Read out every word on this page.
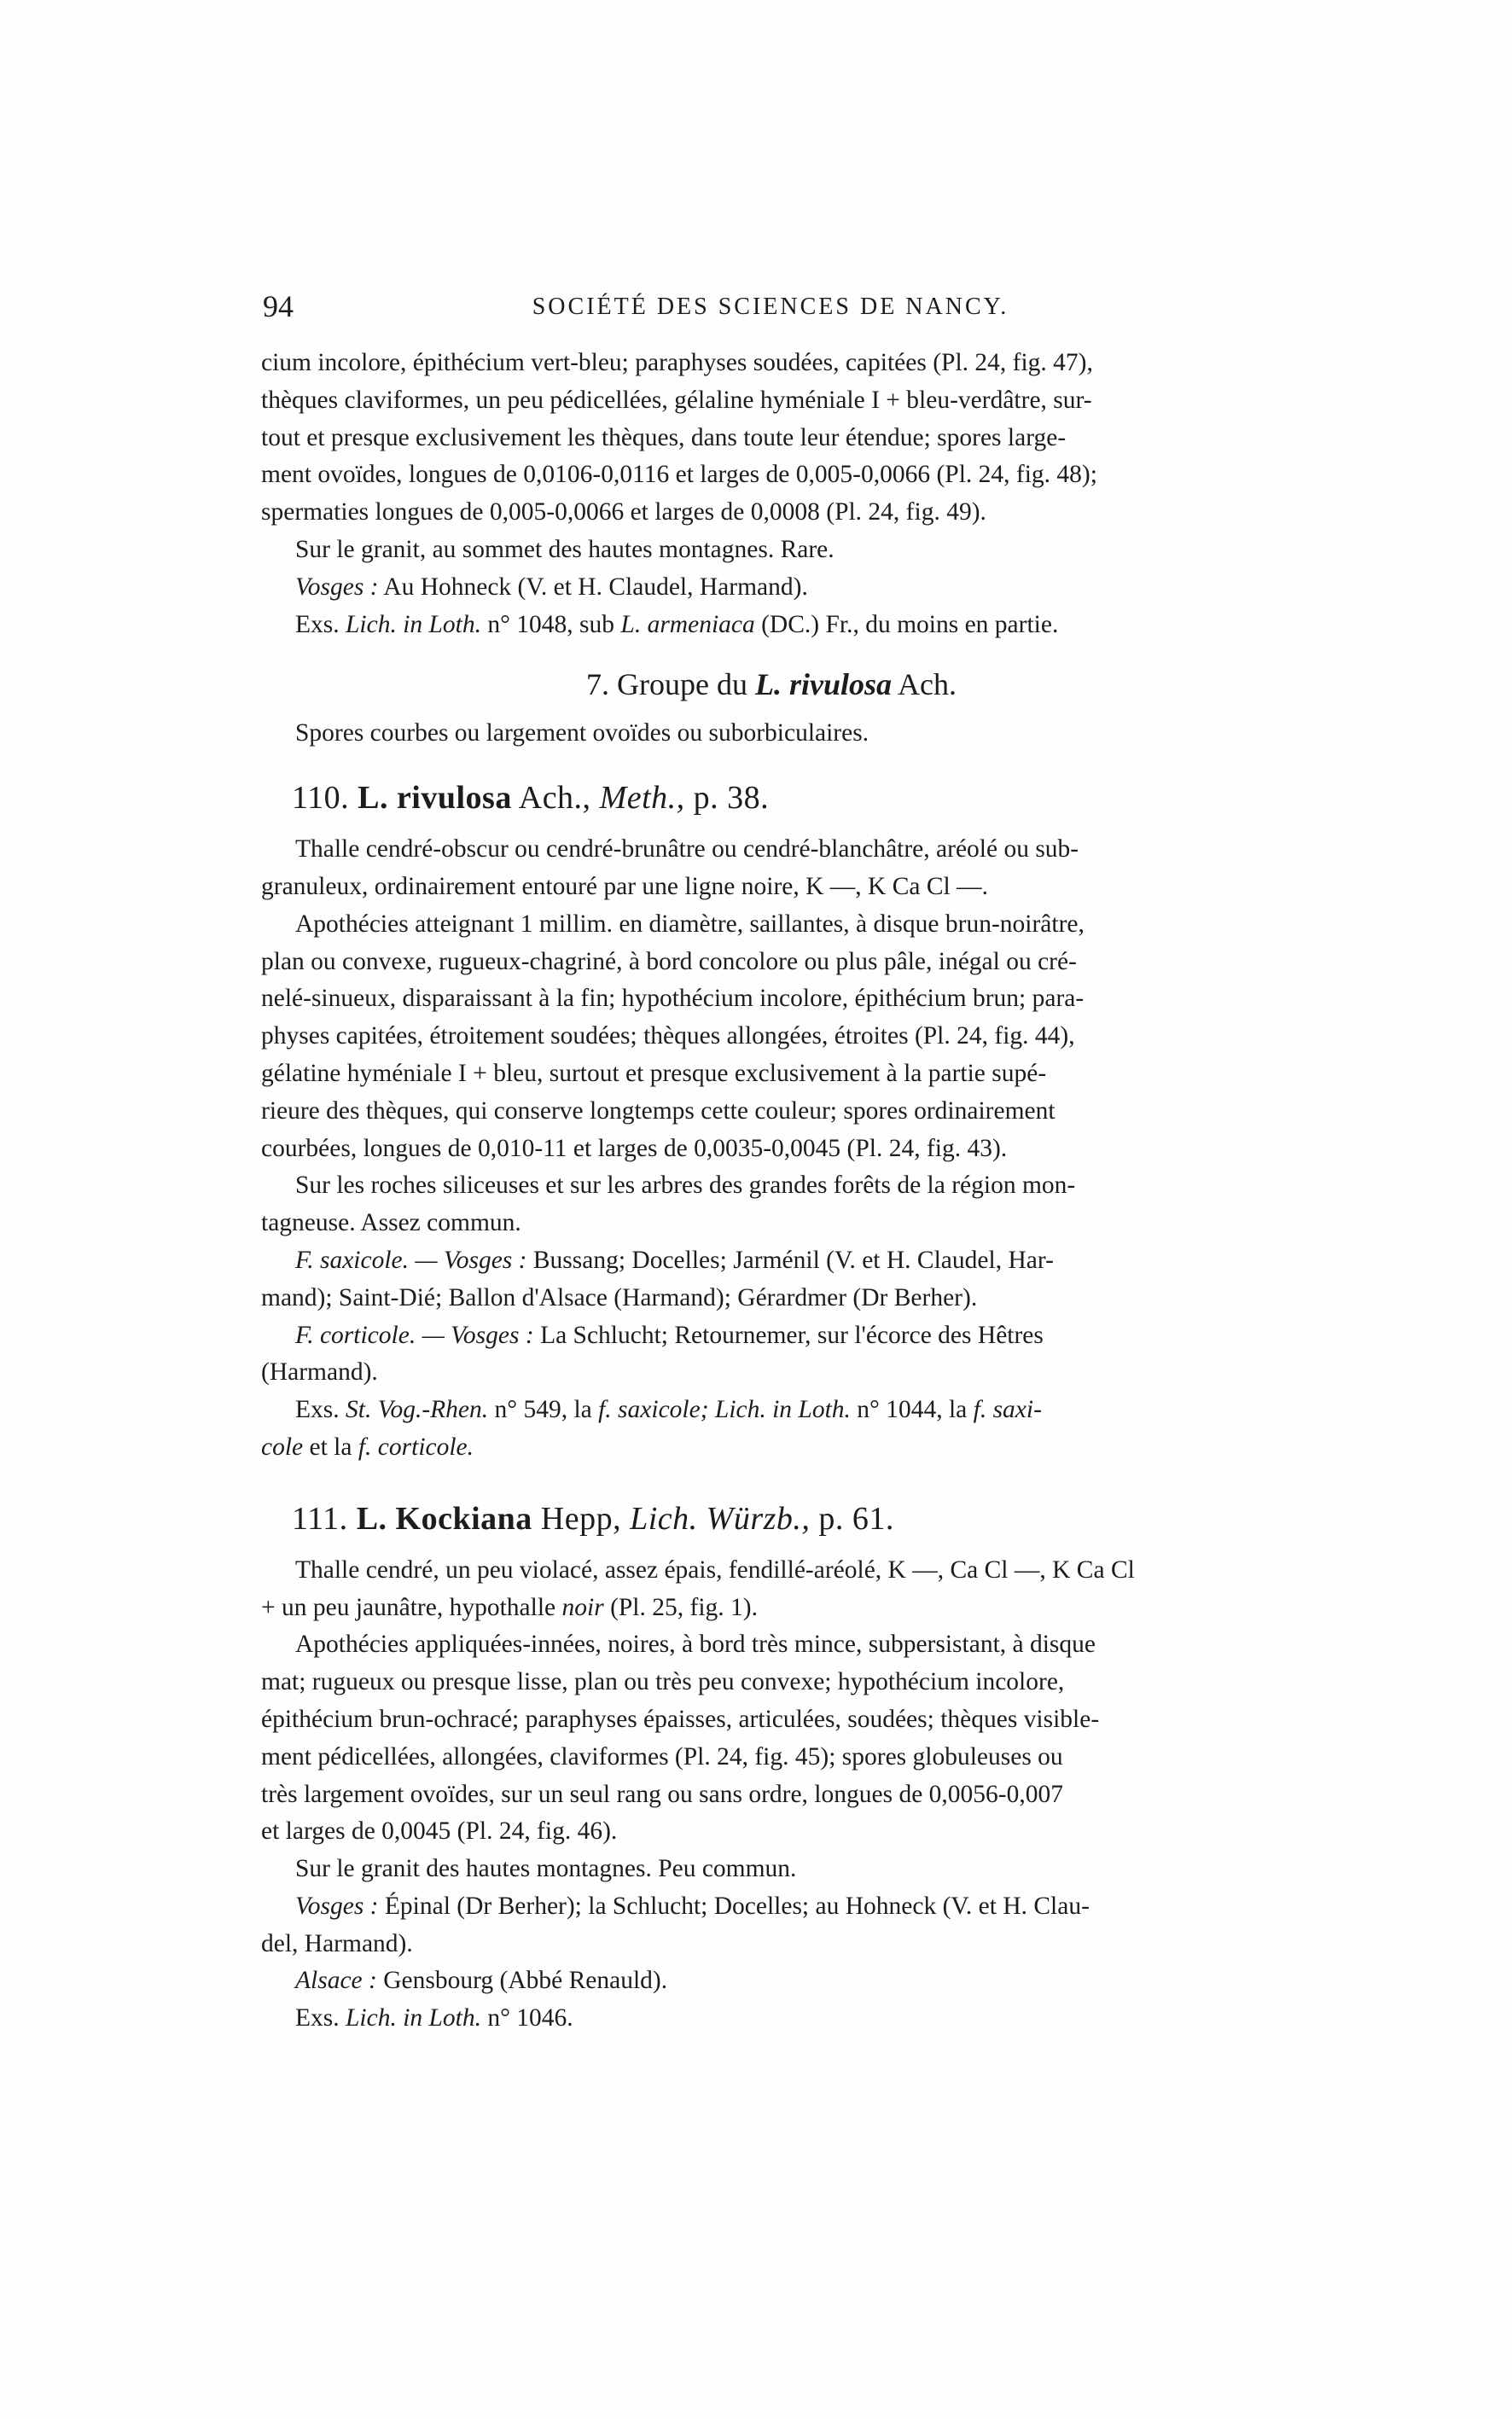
94	SOCIÉTÉ DES SCIENCES DE NANCY.

cium incolore, épithécium vert-bleu; paraphyses soudées, capitées (Pl. 24, fig. 47),

thèques claviformes, un peu pédicellées, gélaline hyméniale I + bleu-verdâtre, sur-

tout et presque exclusivement les thèques, dans toute leur étendue; spores large-

ment ovoïdes, longues de 0,0106-0,0116 et larges de 0,005-0,0066 (Pl. 24, fig. 48);

spermaties longues de 0,005-0,0066 et larges de 0,0008 (Pl. 24, fig. 49).

Sur le granit, au sommet des hautes montagnes. Rare.

Vosges : Au Hohneck (V. et H. Claudel, Harmand).

Exs. Lich. in Loth. n° 1048, sub L. armeniaca (DC.) Fr., du moins en partie.

7. Groupe du L. rivulosa Ach.

Spores courbes ou largement ovoïdes ou suborbiculaires.

110. L. rivulosa Ach., Meth., p. 38.

Thalle cendré-obscur ou cendré-brunâtre ou cendré-blanchâtre, aréolé ou sub-

granuleux, ordinairement entouré par une ligne noire, K —, K Ca Cl —.

Apothécies atteignant 1 millim. en diamètre, saillantes, à disque brun-noirâtre,

plan ou convexe, rugueux-chagriné, à bord concolore ou plus pâle, inégal ou cré-

nelé-sinueux, disparaissant à la fin; hypothécium incolore, épithécium brun; para-

physes capitées, étroitement soudées; thèques allongées, étroites (Pl. 24, fig. 44),

gélatine hyméniale I + bleu, surtout et presque exclusivement à la partie supé-

rieure des thèques, qui conserve longtemps cette couleur; spores ordinairement

courbées, longues de 0,010-11 et larges de 0,0035-0,0045 (Pl. 24, fig. 43).

Sur les roches siliceuses et sur les arbres des grandes forêts de la région mon-

tagneuse. Assez commun.

F. saxicole. — Vosges : Bussang; Docelles; Jarménil (V. et H. Claudel, Har-

mand); Saint-Dié; Ballon d'Alsace (Harmand); Gérardmer (Dr Berher).

F. corticole. — Vosges : La Schlucht; Retournemer, sur l'écorce des Hêtres

(Harmand).

Exs. St. Vog.-Rhen. n° 549, la f. saxicole; Lich. in Loth. n° 1044, la f. saxi-

cole et la f. corticole.

111. L. Kockiana Hepp, Lich. Würzb., p. 61.

Thalle cendré, un peu violacé, assez épais, fendillé-aréolé, K —, Ca Cl —, K Ca Cl

+ un peu jaunâtre, hypothalle noir (Pl. 25, fig. 1).

Apothécies appliquées-innées, noires, à bord très mince, subpersistant, à disque

mat; rugueux ou presque lisse, plan ou très peu convexe; hypothécium incolore,

épithécium brun-ochracé; paraphyses épaisses, articulées, soudées; thèques visible-

ment pédicellées, allongées, claviformes (Pl. 24, fig. 45); spores globuleuses ou

très largement ovoïdes, sur un seul rang ou sans ordre, longues de 0,0056-0,007

et larges de 0,0045 (Pl. 24, fig. 46).

Sur le granit des hautes montagnes. Peu commun.

Vosges : Épinal (Dr Berher); la Schlucht; Docelles; au Hohneck (V. et H. Clau-

del, Harmand).

Alsace : Gensbourg (Abbé Renauld).

Exs. Lich. in Loth. n° 1046.
